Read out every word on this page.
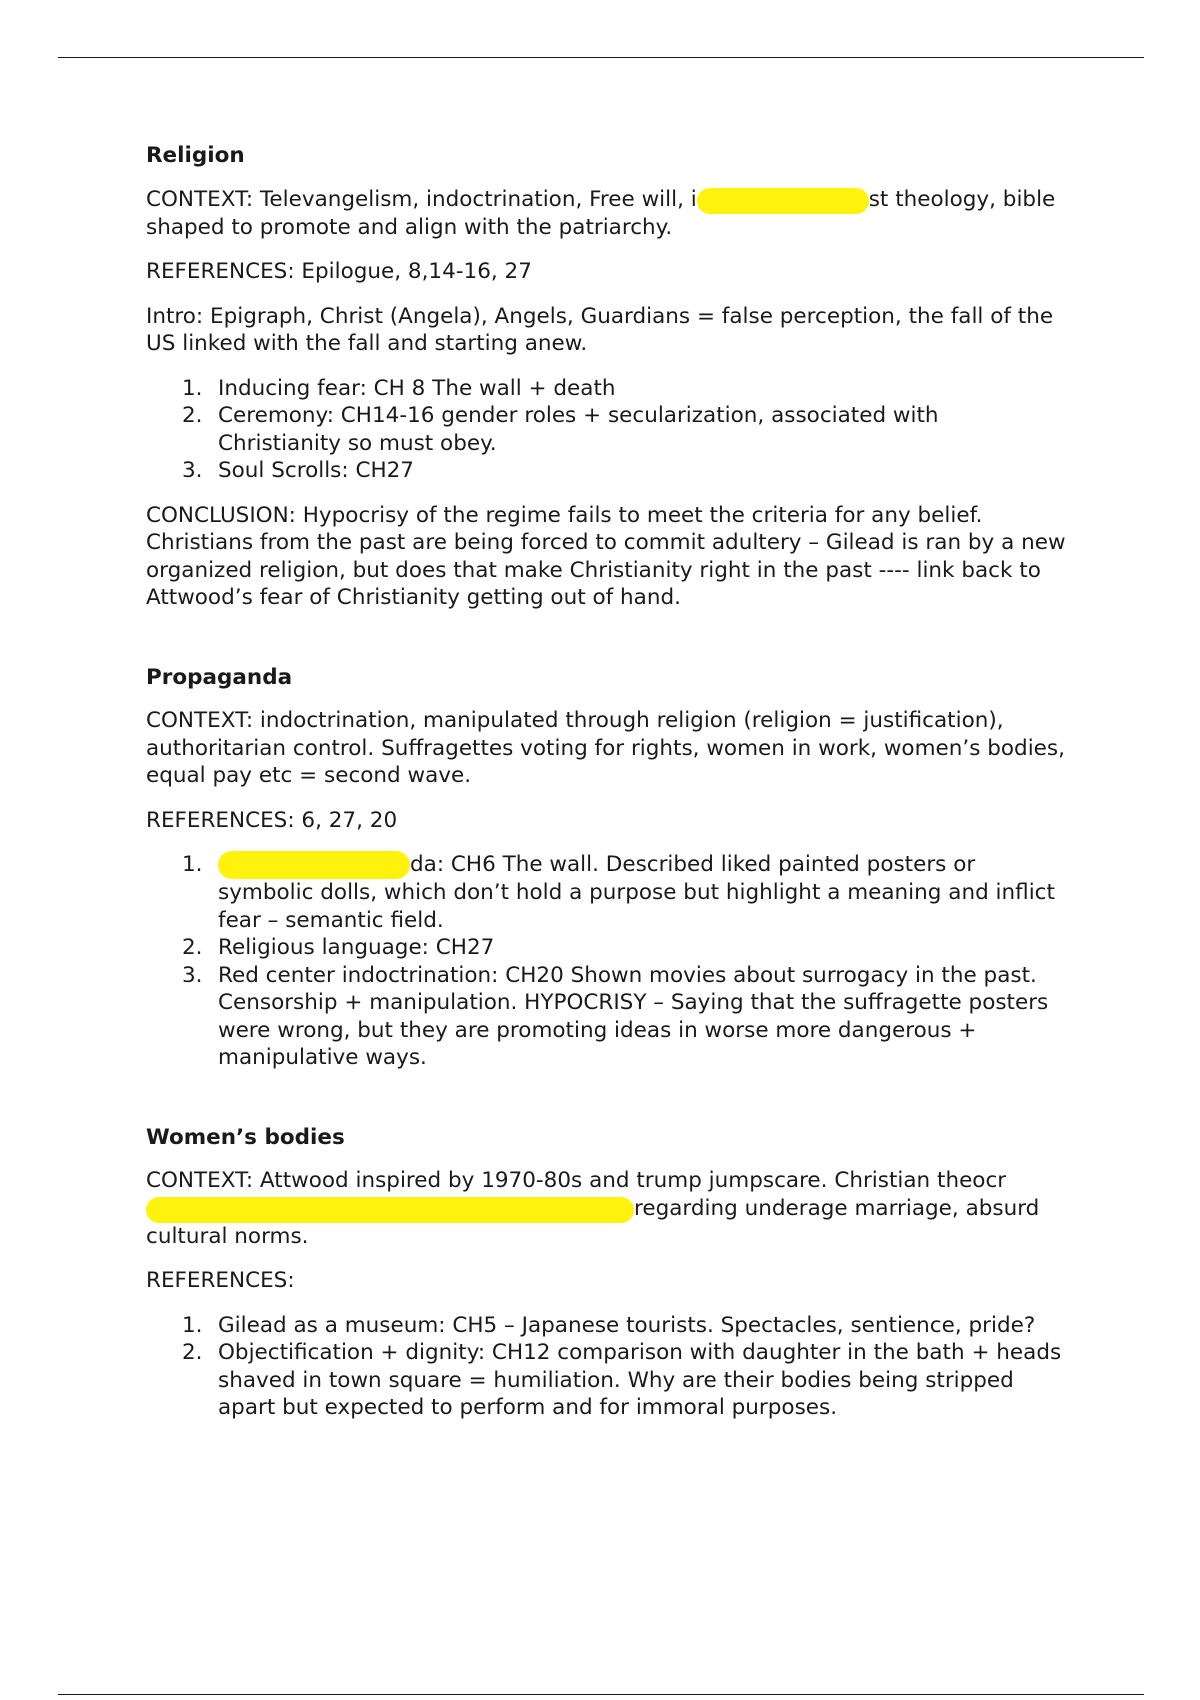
Religion

CONTEXT: Televangelism, indoctrination, Free will, i	st theology, bible shaped to promote and align with the patriarchy.

REFERENCES: Epilogue, 8,14-16, 27

Intro: Epigraph, Christ (Angela), Angels, Guardians = false perception, the fall of the US linked with the fall and starting anew.

1. Inducing fear: CH 8 The wall + death
2. Ceremony: CH14-16 gender roles + secularization, associated with Christianity so must obey.
3. Soul Scrolls: CH27

CONCLUSION: Hypocrisy of the regime fails to meet the criteria for any belief. Christians from the past are being forced to commit adultery – Gilead is ran by a new organized religion, but does that make Christianity right in the past ---- link back to Attwood’s fear of Christianity getting out of hand.

Propaganda

CONTEXT: indoctrination, manipulated through religion (religion = justification), authoritarian control. Suffragettes voting for rights, women in work, women’s bodies, equal pay etc = second wave.

REFERENCES: 6, 27, 20

1.	da: CH6 The wall. Described liked painted posters or symbolic dolls, which don’t hold a purpose but highlight a meaning and inflict fear – semantic field.
2. Religious language: CH27
3. Red center indoctrination: CH20 Shown movies about surrogacy in the past. Censorship + manipulation. HYPOCRISY – Saying that the suffragette posters were wrong, but they are promoting ideas in worse more dangerous + manipulative ways.
Women’s bodies

CONTEXT: Attwood inspired by 1970-80s and trump jumpscare. Christian theocrregarding underage marriage, absurd cultural norms.

REFERENCES:

1. Gilead as a museum: CH5 – Japanese tourists. Spectacles, sentience, pride?
2. Objectification + dignity: CH12 comparison with daughter in the bath + heads shaved in town square = humiliation. Why are their bodies being stripped apart but expected to perform and for immoral purposes.
